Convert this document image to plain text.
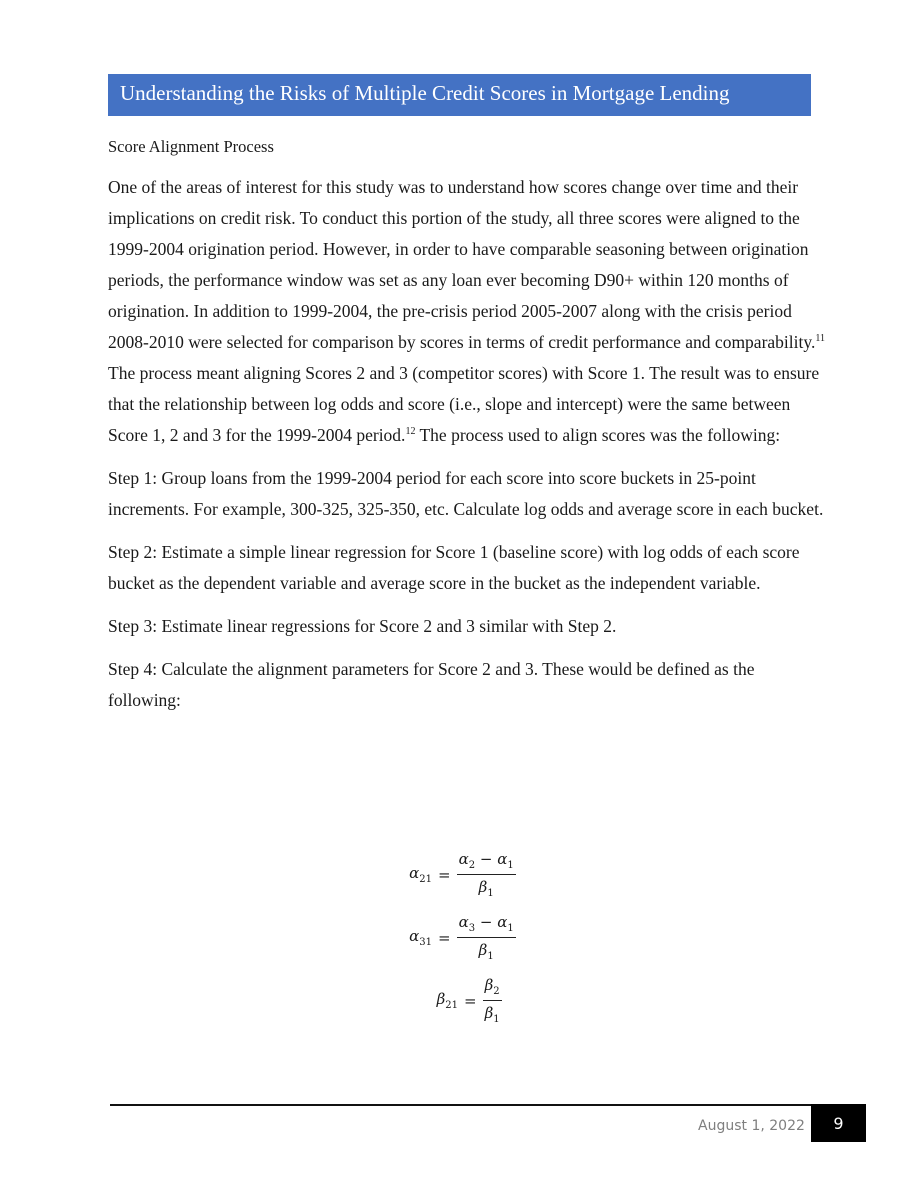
Understanding the Risks of Multiple Credit Scores in Mortgage Lending
Score Alignment Process

One of the areas of interest for this study was to understand how scores change over time and their implications on credit risk. To conduct this portion of the study, all three scores were aligned to the 1999-2004 origination period. However, in order to have comparable seasoning between origination periods, the performance window was set as any loan ever becoming D90+ within 120 months of origination. In addition to 1999-2004, the pre-crisis period 2005-2007 along with the crisis period 2008-2010 were selected for comparison by scores in terms of credit performance and comparability.$^{11}$ The process meant aligning Scores 2 and 3 (competitor scores) with Score 1. The result was to ensure that the relationship between log odds and score (i.e., slope and intercept) were the same between Score 1, 2 and 3 for the 1999-2004 period.$^{12}$ The process used to align scores was the following:

Step 1: Group loans from the 1999-2004 period for each score into score buckets in 25-point increments. For example, 300-325, 325-350, etc. Calculate log odds and average score in each bucket.

Step 2: Estimate a simple linear regression for Score 1 (baseline score) with log odds of each score bucket as the dependent variable and average score in the bucket as the independent variable.

Step 3: Estimate linear regressions for Score 2 and 3 similar with Step 2.

Step 4: Calculate the alignment parameters for Score 2 and 3. These would be defined as the following:

$\alpha_{21} = \frac{\alpha_2 - \alpha_1}{\beta_1}$
$\alpha_{31} = \frac{\alpha_3 - \alpha_1}{\beta_1}$
$\beta_{21} = \frac{\beta_2}{\beta_1}$
August 1, 2022	9
